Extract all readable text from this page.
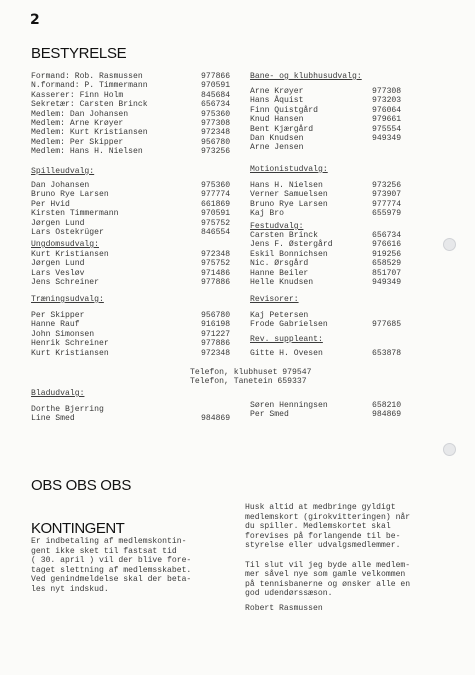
2
BESTYRELSE
Formand: Rob. Rasmussen	977866
N.formand: P. Timmermann	970591
Kasserer: Finn Holm	845684
Sekretær: Carsten Brinck	656734
Medlem: Dan Johansen	975360
Medlem: Arne Krøyer	977308
Medlem: Kurt Kristiansen	972348
Medlem: Per Skipper	956780
Medlem: Hans H. Nielsen	973256
Spilleudvalg:
Dan Johansen	975360
Bruno Rye Larsen	977774
Per Hvid	661869
Kirsten Timmermann	970591
Jørgen Lund	975752
Lars Ostekrüger	846554
Ungdomsudvalg:
Kurt Kristiansen	972348
Jørgen Lund	975752
Lars Vesløv	971486
Jens Schreiner	977886
Træningsudvalg:
Per Skipper	956780
Hanne Rauf	916198
John Simonsen	971227
Henrik Schreiner	977886
Kurt Kristiansen	972348
Bane- og klubhusudvalg:
Arne Krøyer	977308
Hans Åquist	973203
Finn Quistgård	976064
Knud Hansen	979661
Bent Kjærgård	975554
Dan Knudsen	949349
Arne Jensen
Motionistudvalg:
Hans H. Nielsen	973256
Verner Samuelsen	973907
Bruno Rye Larsen	977774
Kaj Bro	655979
Festudvalg:
Carsten Brinck	656734
Jens F. Østergård	976616
Eskil Bonnichsen	919256
Nic. Ørsgård	658529
Hanne Beiler	851707
Helle Knudsen	949349
Revisorer:
Kaj Petersen
Frode Gabrielsen	977685
Rev. suppleant:
Gitte H. Ovesen	653878
Telefon, klubhuset 979547
Telefon, Tanetein 659337
Bladudvalg:
Dorthe Bjerring
Line Smed	984869
Søren Henningsen	658210
Per Smed	984869
OBS OBS OBS
KONTINGENT

Er indbetaling af medlemskontin-
gent ikke sket til fastsat tid
( 30. april ) vil der blive fore-
taget slettning af medlemsskabet.
Ved genindmeldelse skal der beta-
les nyt indskud.

Husk altid at medbringe gyldigt
medlemskort (girokvitteringen) når
du spiller. Medlemskortet skal
forevises på forlangende til be-
styrelse eller udvalgsmedlemmer.

Til slut vil jeg byde alle medlem-
mer såvel nye som gamle velkommen
på tennisbanerne og ønsker alle en
god udendørssæson.

Robert Rasmussen
